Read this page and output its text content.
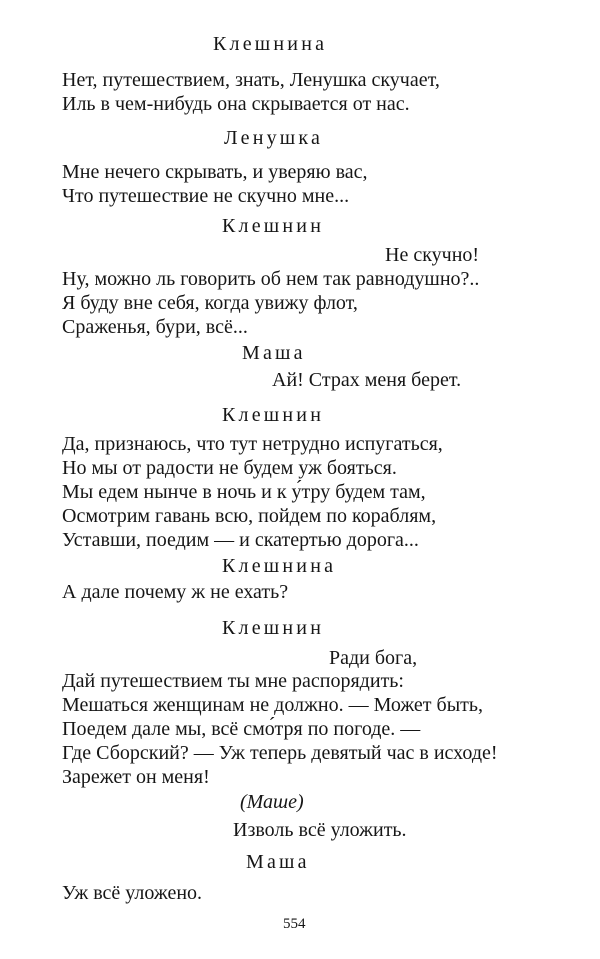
Клешнина
Нет, путешествием, знать, Ленушка скучает,
Иль в чем-нибудь она скрывается от нас.
Ленушка
Мне нечего скрывать, и уверяю вас,
Что путешествие не скучно мне...
Клешнин
Не скучно!
Ну, можно ль говорить об нем так равнодушно?..
Я буду вне себя, когда увижу флот,
Сраженья, бури, всё...
Маша
Ай! Страх меня берет.
Клешнин
Да, признаюсь, что тут нетрудно испугаться,
Но мы от радости не будем уж бояться.
Мы едем нынче в ночь и к у́тру будем там,
Осмотрим гавань всю, пойдем по кораблям,
Уставши, поедим — и скатертью дорога...
Клешнина
А дале почему ж не ехать?
Клешнин
Ради бога,
Дай путешествием ты мне распорядить:
Мешаться женщинам не должно. — Может быть,
Поедем дале мы, всё смо́тря по погоде. —
Где Сборский? — Уж теперь девятый час в исходе!
Зарежет он меня!
(Маше)
Изволь всё уложить.
Маша
Уж всё уложено.
554
